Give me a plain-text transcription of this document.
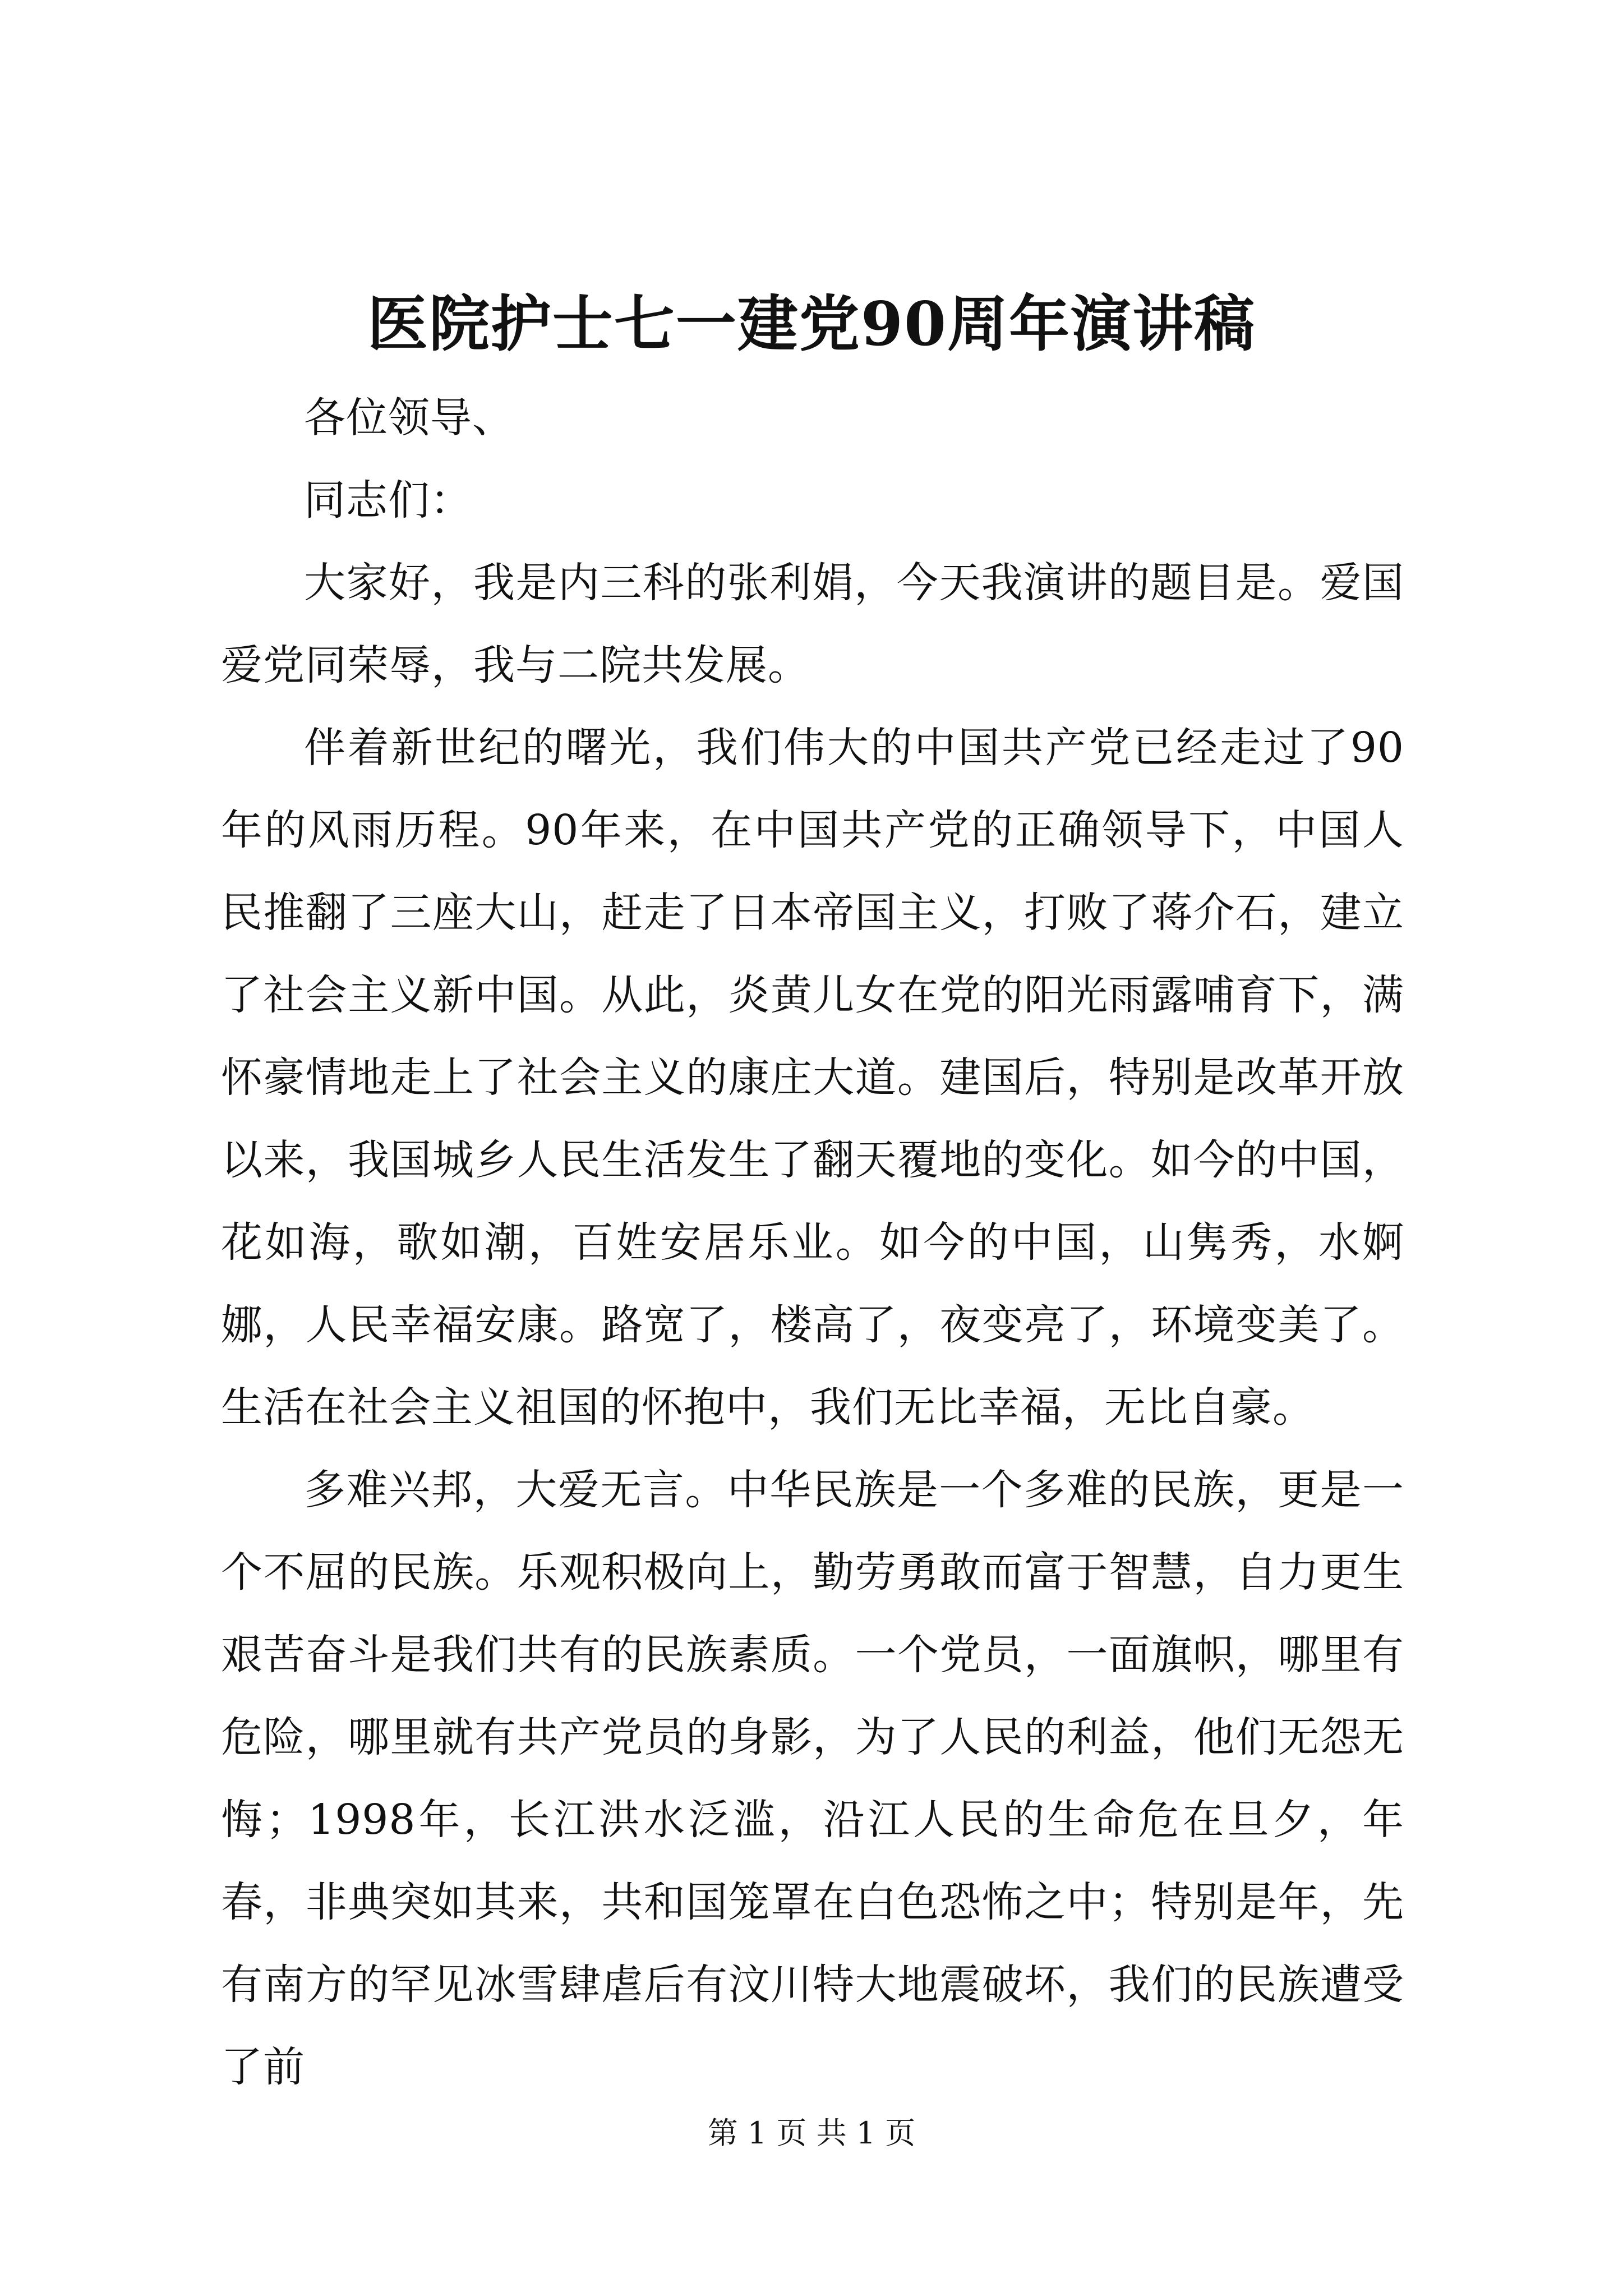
医院护士七一建党90周年演讲稿

各位领导、

同志们：

大家好，我是内三科的张利娟，今天我演讲的题目是。爱国爱党同荣辱，我与二院共发展。

伴着新世纪的曙光，我们伟大的中国共产党已经走过了90年的风雨历程。90年来，在中国共产党的正确领导下，中国人民推翻了三座大山，赶走了日本帝国主义，打败了蒋介石，建立了社会主义新中国。从此，炎黄儿女在党的阳光雨露哺育下，满怀豪情地走上了社会主义的康庄大道。建国后，特别是改革开放以来，我国城乡人民生活发生了翻天覆地的变化。如今的中国，花如海，歌如潮，百姓安居乐业。如今的中国，山隽秀，水婀娜，人民幸福安康。路宽了，楼高了，夜变亮了，环境变美了。生活在社会主义祖国的怀抱中，我们无比幸福，无比自豪。

多难兴邦，大爱无言。中华民族是一个多难的民族，更是一个不屈的民族。乐观积极向上，勤劳勇敢而富于智慧，自力更生艰苦奋斗是我们共有的民族素质。一个党员，一面旗帜，哪里有危险，哪里就有共产党员的身影，为了人民的利益，他们无怨无悔；1998年，长江洪水泛滥，沿江人民的生命危在旦夕，年春，非典突如其来，共和国笼罩在白色恐怖之中；特别是年，先有南方的罕见冰雪肆虐后有汶川特大地震破坏，我们的民族遭受了前

第 1 页 共 1 页
